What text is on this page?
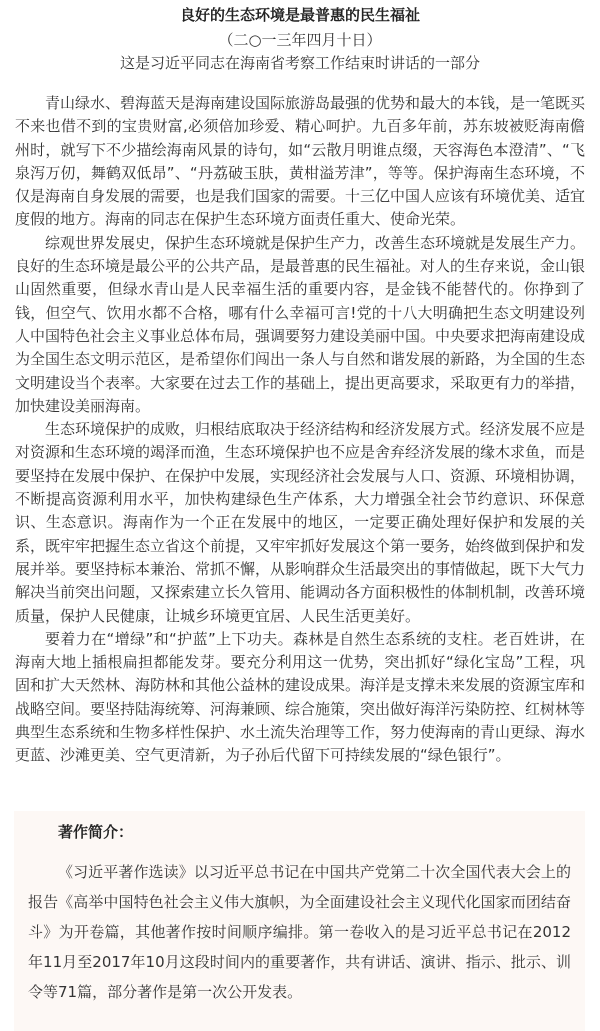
良好的生态环境是最普惠的民生福祉
（二○一三年四月十日）
这是习近平同志在海南省考察工作结束时讲话的一部分

青山绿水、碧海蓝天是海南建设国际旅游岛最强的优势和最大的本钱，是一笔既买不来也借不到的宝贵财富,必须倍加珍爱、精心呵护。九百多年前，苏东坡被贬海南儋州时，就写下不少描绘海南风景的诗句，如“云散月明谁点缀，天容海色本澄清”、“飞泉泻万仞，舞鹤双低昂”、“丹荔破玉肤，黄柑溢芳津”，等等。保护海南生态环境，不仅是海南自身发展的需要，也是我们国家的需要。十三亿中国人应该有环境优美、适宜度假的地方。海南的同志在保护生态环境方面责任重大、使命光荣。

综观世界发展史，保护生态环境就是保护生产力，改善生态环境就是发展生产力。良好的生态环境是最公平的公共产品，是最普惠的民生福祉。对人的生存来说，金山银山固然重要，但绿水青山是人民幸福生活的重要内容，是金钱不能替代的。你挣到了钱，但空气、饮用水都不合格，哪有什么幸福可言!党的十八大明确把生态文明建设列人中国特色社会主义事业总体布局，强调要努力建设美丽中国。中央要求把海南建设成为全国生态文明示范区，是希望你们闯出一条人与自然和谐发展的新路，为全国的生态文明建设当个表率。大家要在过去工作的基础上，提出更高要求，采取更有力的举措，加快建设美丽海南。

生态环境保护的成败，归根结底取决于经济结构和经济发展方式。经济发展不应是对资源和生态环境的竭泽而渔，生态环境保护也不应是舍弃经济发展的缘木求鱼，而是要坚持在发展中保护、在保护中发展，实现经济社会发展与人口、资源、环境相协调，不断提高资源利用水平，加快构建绿色生产体系，大力增强全社会节约意识、环保意识、生态意识。海南作为一个正在发展中的地区，一定要正确处理好保护和发展的关系，既牢牢把握生态立省这个前提，又牢牢抓好发展这个第一要务，始终做到保护和发展并举。要坚持标本兼治、常抓不懈，从影响群众生活最突出的事情做起，既下大气力解决当前突出问题，又探索建立长久管用、能调动各方面积极性的体制机制，改善环境质量，保护人民健康，让城乡环境更宜居、人民生活更美好。

要着力在“增绿”和“护蓝”上下功夫。森林是自然生态系统的支柱。老百姓讲，在海南大地上插根扁担都能发芽。要充分利用这一优势，突出抓好“绿化宝岛”工程，巩固和扩大天然林、海防林和其他公益林的建设成果。海洋是支撑未来发展的资源宝库和战略空间。要坚持陆海统筹、河海兼顾、综合施策，突出做好海洋污染防控、红树林等典型生态系统和生物多样性保护、水土流失治理等工作，努力使海南的青山更绿、海水更蓝、沙滩更美、空气更清新，为子孙后代留下可持续发展的“绿色银行”。

著作简介：

《习近平著作选读》以习近平总书记在中国共产党第二十次全国代表大会上的报告《高举中国特色社会主义伟大旗帜，为全面建设社会主义现代化国家而团结奋斗》为开卷篇，其他著作按时间顺序编排。第一卷收入的是习近平总书记在2012年11月至2017年10月这段时间内的重要著作，共有讲话、演讲、指示、批示、训令等71篇，部分著作是第一次公开发表。
